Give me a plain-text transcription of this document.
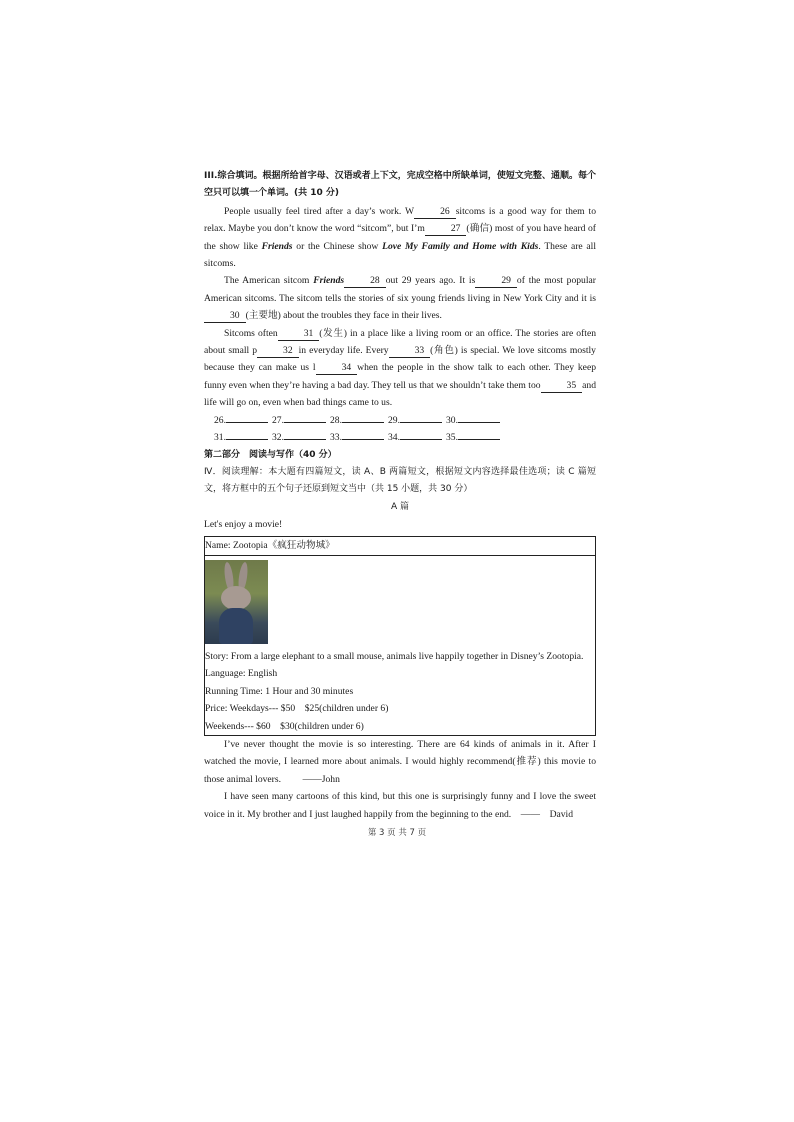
III.综合填词。根据所给首字母、汉语或者上下文，完成空格中所缺单词，使短文完整、通顺。每个空只可以填一个单词。(共 10 分)

People usually feel tired after a day’s work. W	26 sitcoms is a good way for them to relax. Maybe you don’t know the word “sitcom”, but I’m	27 (确信) most of you have heard of the show like Friends or the Chinese show Love My Family and Home with Kids. These are all sitcoms.

The American sitcom Friends	28 out 29 years ago. It is	29 of the most popular American sitcoms. The sitcom tells the stories of six young friends living in New York City and it is30 (主要地) about the troubles they face in their lives.

Sitcoms often	31 (发生) in a place like a living room or an office. The stories are often about small p	32 in everyday life. Every	33 (角色) is special. We love sitcoms mostly because they can make us l	34 when the people in the show talk to each other. They keep funny even when they’re having a bad day. They tell us that we shouldn’t take them too	35 and life will go on, even when bad things came to us.

26.	27.	28.	29.	30.
31.	32.	33.	34.	35.

第二部分　阅读与写作（40 分）

Ⅳ．阅读理解：本大题有四篇短文，读 A、B 两篇短文，根据短文内容选择最佳选项；读 C 篇短文，将方框中的五个句子还原到短文当中（共 15 小题，共 30 分）

A 篇

Let's enjoy a movie!

Name: Zootopia《疯狂动物城》
Story: From a large elephant to a small mouse, animals live happily together in Disney’s Zootopia.
Language: English
Running Time: 1 Hour and 30 minutes
Price: Weekdays--- $50　$25(children under 6)
Weekends--- $60　$30(children under 6)

I’ve never thought the movie is so interesting. There are 64 kinds of animals in it. After I watched the movie, I learned more about animals. I would highly recommend(推荐) this movie to those animal lovers.　　 ——John

I have seen many cartoons of this kind, but this one is surprisingly funny and I love the sweet voice in it. My brother and I just laughed happily from the beginning to the end.　——　David

第 3 页 共 7 页
